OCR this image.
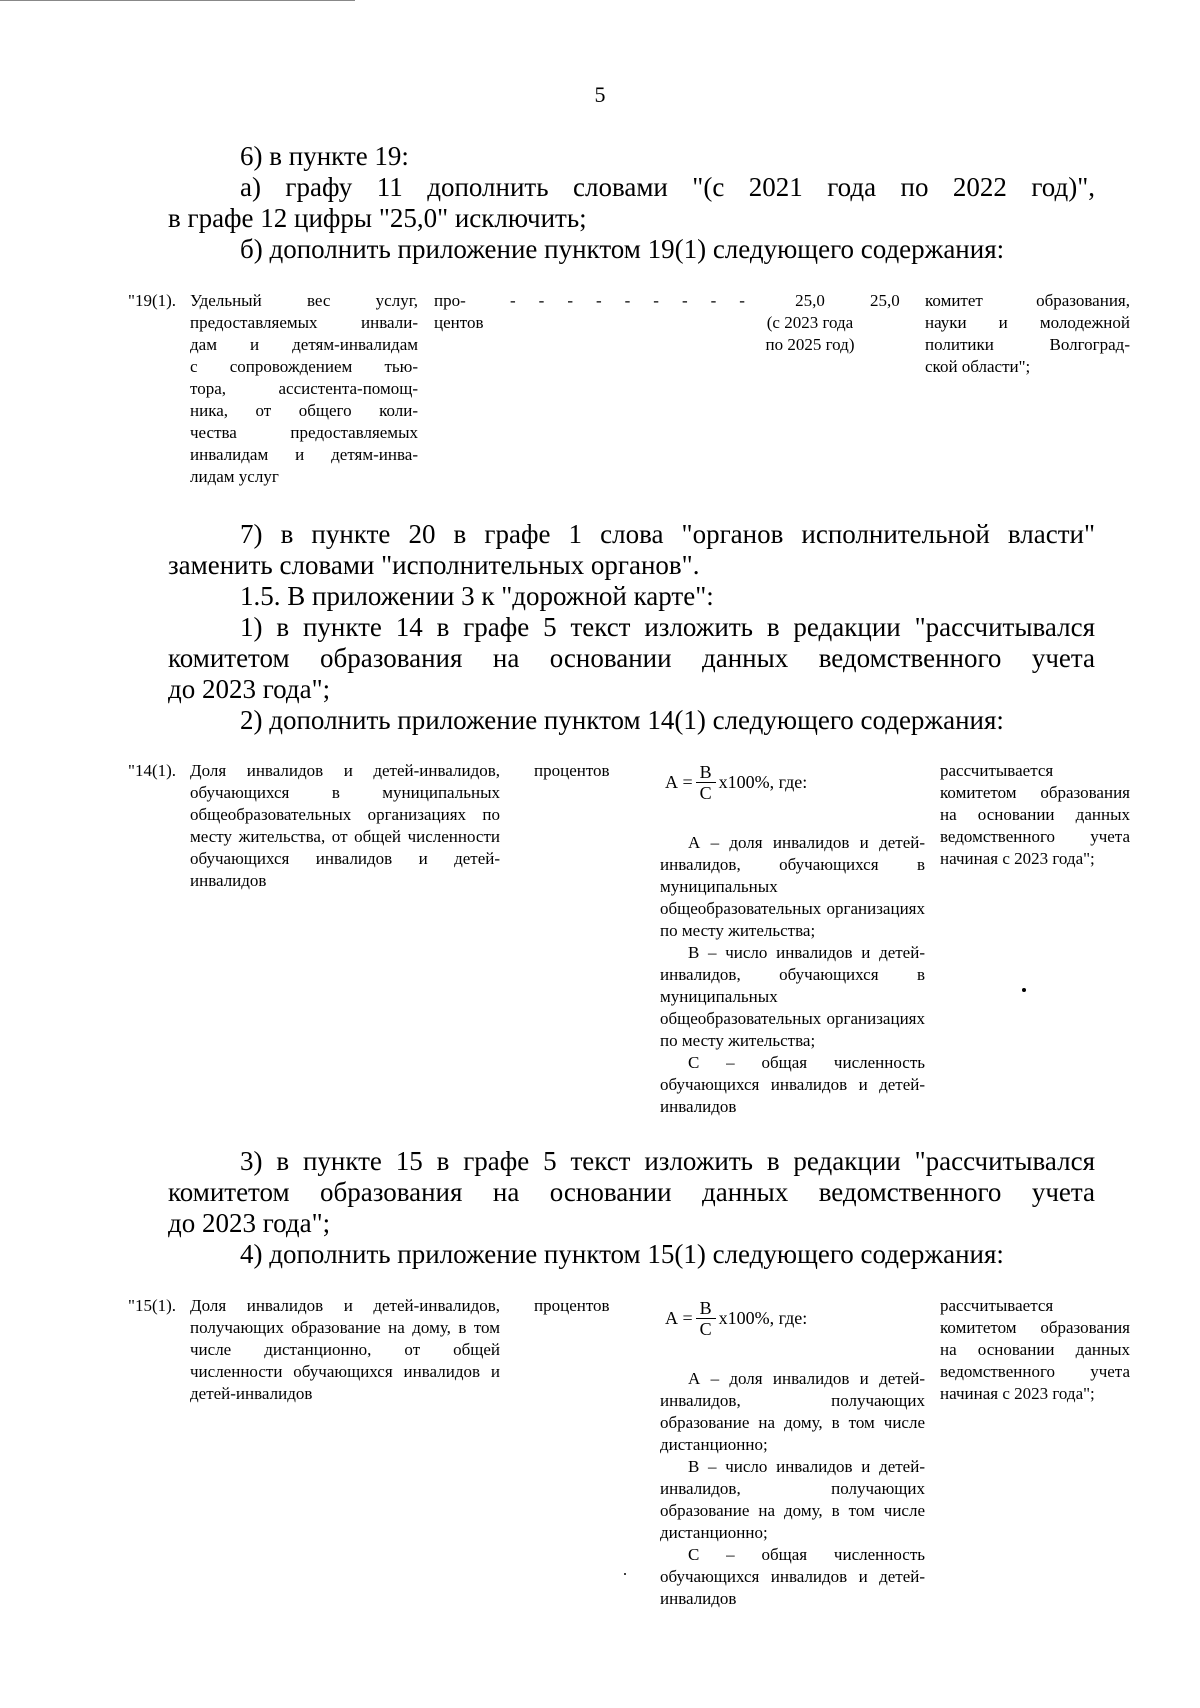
5
6) в пункте 19:
а) графу 11 дополнить словами "(с 2021 года по 2022 год)",
в графе 12 цифры "25,0" исключить;
б) дополнить приложение пунктом 19(1) следующего содержания:
"19(1). Удельный вес услуг,
предоставляемых инвали-
дам и детям-инвалидам
с сопровождением тью-
тора, ассистента-помощ-
ника, от общего коли-
чества предоставляемых
инвалидам и детям-инва-
лидам услуг
про-
центов
- - - - - - - - -	25,0
(с 2023 года
по 2025 год)
25,0 комитет образования,
науки и молодежной
политики Волгоград-
ской области";
7) в пункте 20 в графе 1 слова "органов исполнительной власти"
заменить словами "исполнительных органов".
1.5. В приложении 3 к "дорожной карте":
1) в пункте 14 в графе 5 текст изложить в редакции "рассчитывался
комитетом образования на основании данных ведомственного учета
до 2023 года";
2) дополнить приложение пунктом 14(1) следующего содержания:
"14(1). Доля инвалидов и детей-инвалидов, обучающихся в муниципальных общеобразовательных организациях по месту жительства, от общей численности обучающихся инвалидов и детей-инвалидов

процентов
$А = \frac{В}{С} х100\%$, где:

А – доля инвалидов и детей-инвалидов, обучающихся в муниципальных общеобразовательных организациях по месту жительства;

В – число инвалидов и детей-инвалидов, обучающихся в муниципальных общеобразовательных организациях по месту жительства;

С – общая численность обучающихся инвалидов и детей-инвалидов

рассчитывается комитетом образования на основании данных ведомственного учета начиная с 2023 года";

3) в пункте 15 в графе 5 текст изложить в редакции "рассчитывался
комитетом образования на основании данных ведомственного учета
до 2023 года";
4) дополнить приложение пунктом 15(1) следующего содержания:
"15(1). Доля инвалидов и детей-инвалидов, получающих образование на дому, в том числе дистанционно, от общей численности обучающихся инвалидов и детей-инвалидов

процентов
$А = \frac{В}{С} х100\%$, где:

А – доля инвалидов и детей-инвалидов, получающих образование на дому, в том числе дистанционно;

В – число инвалидов и детей-инвалидов, получающих образование на дому, в том числе дистанционно;

С – общая численность обучающихся инвалидов и детей-инвалидов

рассчитывается комитетом образования на основании данных ведомственного учета начиная с 2023 года";
